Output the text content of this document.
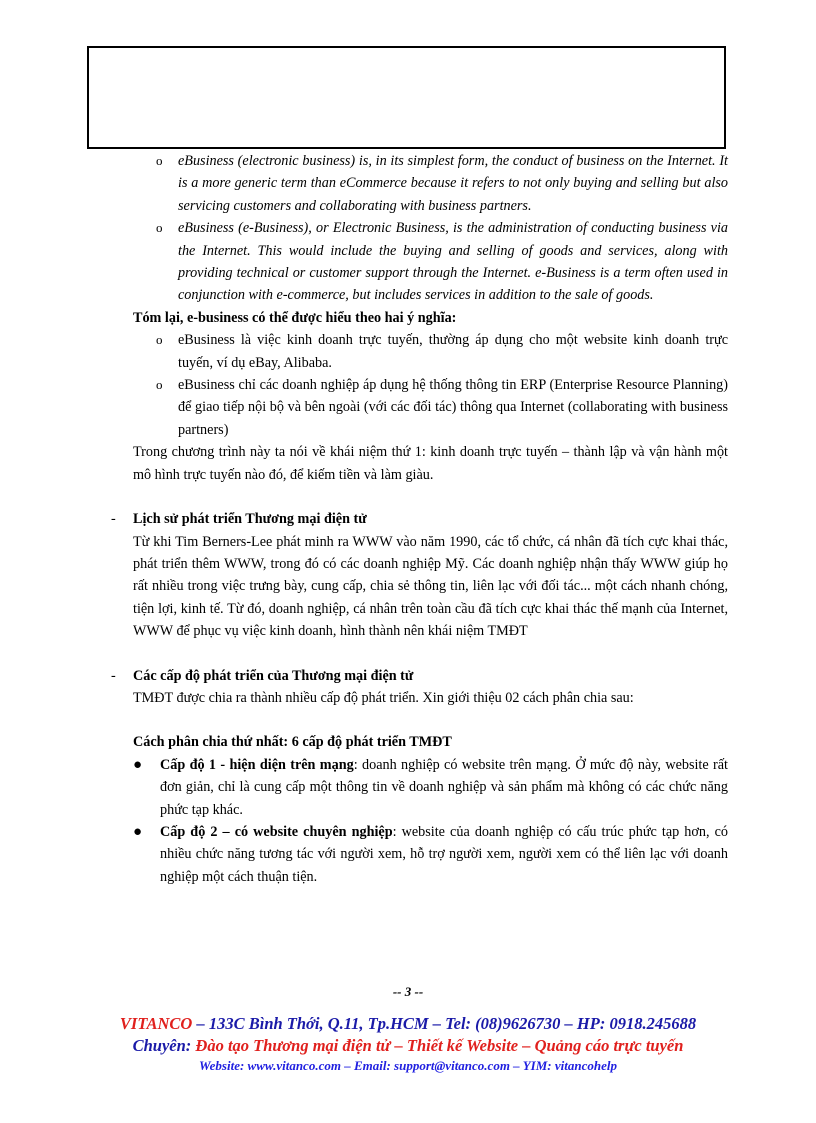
o eBusiness (electronic business) is, in its simplest form, the conduct of business on the Internet. It is a more generic term than eCommerce because it refers to not only buying and selling but also servicing customers and collaborating with business partners.
o eBusiness (e-Business), or Electronic Business, is the administration of conducting business via the Internet. This would include the buying and selling of goods and services, along with providing technical or customer support through the Internet. e-Business is a term often used in conjunction with e-commerce, but includes services in addition to the sale of goods.
Tóm lại, e-business có thể được hiểu theo hai ý nghĩa:
o eBusiness là việc kinh doanh trực tuyến, thường áp dụng cho một website kinh doanh trực tuyến, ví dụ eBay, Alibaba.
o eBusiness chỉ các doanh nghiệp áp dụng hệ thống thông tin ERP (Enterprise Resource Planning) để giao tiếp nội bộ và bên ngoài (với các đối tác) thông qua Internet (collaborating with business partners)
Trong chương trình này ta nói về khái niệm thứ 1: kinh doanh trực tuyến – thành lập và vận hành một mô hình trực tuyến nào đó, để kiếm tiền và làm giàu.
- Lịch sử phát triển Thương mại điện tử
Từ khi Tim Berners-Lee phát minh ra WWW vào năm 1990, các tổ chức, cá nhân đã tích cực khai thác, phát triển thêm WWW, trong đó có các doanh nghiệp Mỹ. Các doanh nghiệp nhận thấy WWW giúp họ rất nhiều trong việc trưng bày, cung cấp, chia sẻ thông tin, liên lạc với đối tác... một cách nhanh chóng, tiện lợi, kinh tế. Từ đó, doanh nghiệp, cá nhân trên toàn cầu đã tích cực khai thác thế mạnh của Internet, WWW để phục vụ việc kinh doanh, hình thành nên khái niệm TMĐT
- Các cấp độ phát triển của Thương mại điện tử
TMĐT được chia ra thành nhiều cấp độ phát triển. Xin giới thiệu 02 cách phân chia sau:
Cách phân chia thứ nhất: 6 cấp độ phát triển TMĐT
● Cấp độ 1 - hiện diện trên mạng: doanh nghiệp có website trên mạng. Ở mức độ này, website rất đơn giản, chỉ là cung cấp một thông tin về doanh nghiệp và sản phẩm mà không có các chức năng phức tạp khác.
● Cấp độ 2 – có website chuyên nghiệp: website của doanh nghiệp có cấu trúc phức tạp hơn, có nhiều chức năng tương tác với người xem, hỗ trợ người xem, người xem có thể liên lạc với doanh nghiệp một cách thuận tiện.
-- 3 --
VITANCO – 133C Bình Thới, Q.11, Tp.HCM – Tel: (08)9626730 – HP: 0918.245688
Chuyên: Đào tạo Thương mại điện tử – Thiết kế Website – Quảng cáo trực tuyến
Website: www.vitanco.com – Email: support@vitanco.com – YIM: vitancohelp
